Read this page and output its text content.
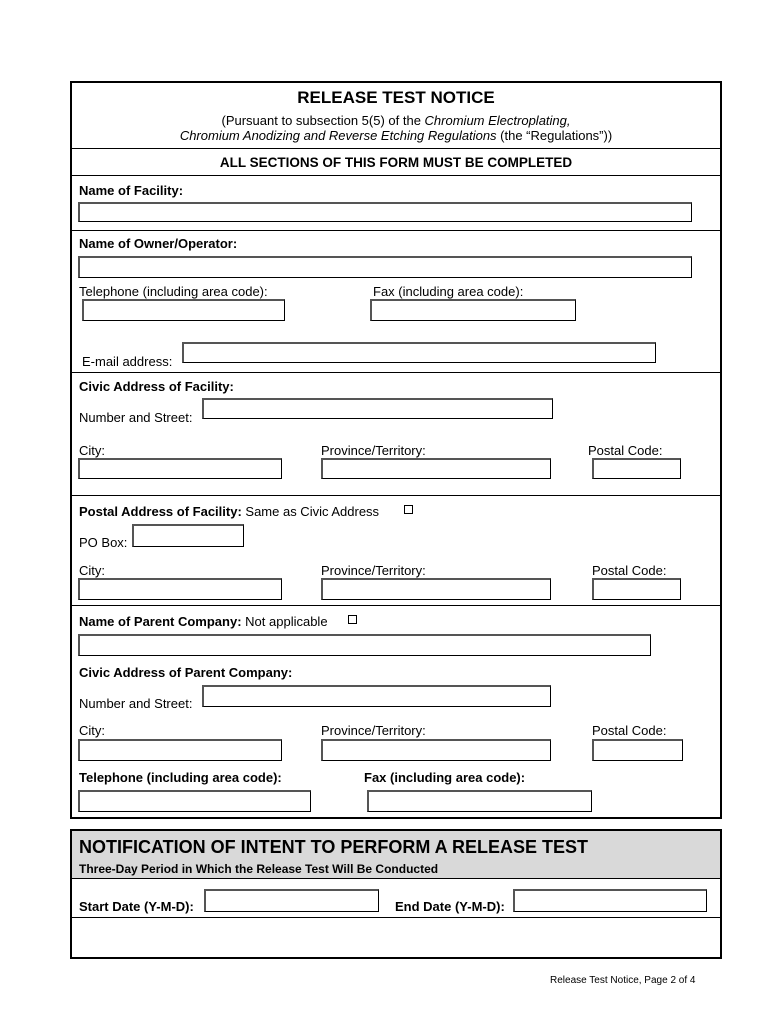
RELEASE TEST NOTICE
(Pursuant to subsection 5(5) of the Chromium Electroplating,
Chromium Anodizing and Reverse Etching Regulations (the “Regulations”))
ALL SECTIONS OF THIS FORM MUST BE COMPLETED
Name of Facility:
Name of Owner/Operator:
Telephone (including area code):	Fax (including area code):
E-mail address:
Civic Address of Facility:
Number and Street:
City:	Province/Territory:	Postal Code:
Postal Address of Facility: Same as Civic Address
PO Box:
City:	Province/Territory:	Postal Code:
Name of Parent Company: Not applicable
Civic Address of Parent Company:
Number and Street:
City:	Province/Territory:	Postal Code:
Telephone (including area code):	Fax (including area code):
NOTIFICATION OF INTENT TO PERFORM A RELEASE TEST
Three-Day Period in Which the Release Test Will Be Conducted
Start Date (Y-M-D):	End Date (Y-M-D):
Release Test Notice, Page 2 of 4
